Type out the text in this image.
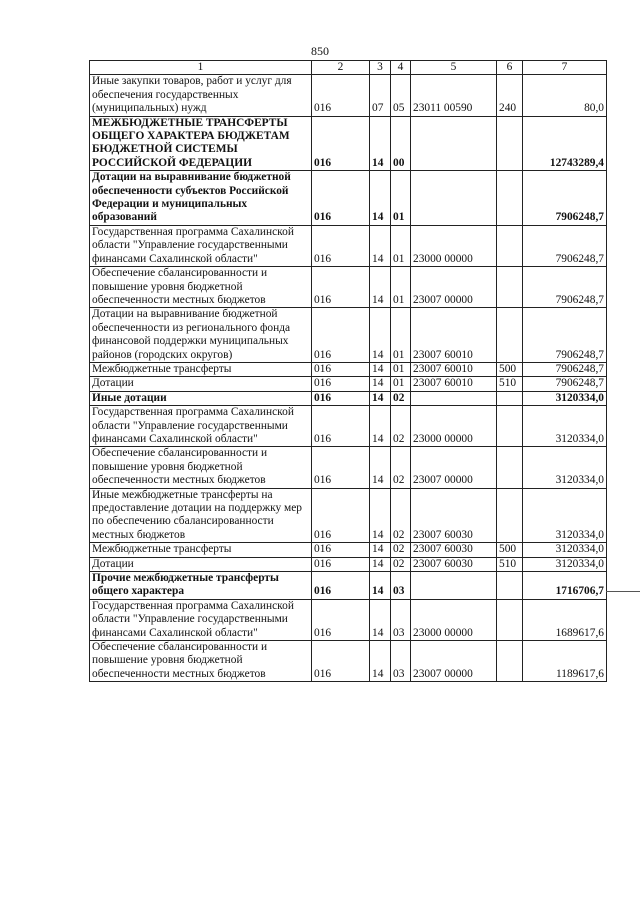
850
1	2	3	4	5	6	7
Иные закупки товаров, работ и услуг для обеспечения государственных (муниципальных) нужд	016	07	05	23011 00590	240	80,0
МЕЖБЮДЖЕТНЫЕ ТРАНСФЕРТЫ ОБЩЕГО ХАРАКТЕРА БЮДЖЕТАМ БЮДЖЕТНОЙ СИСТЕМЫ РОССИЙСКОЙ ФЕДЕРАЦИИ	016	14	00			12743289,4
Дотации на выравнивание бюджетной обеспеченности субъектов Российской Федерации и муниципальных образований	016	14	01			7906248,7
Государственная программа Сахалинской области "Управление государственными финансами Сахалинской области"	016	14	01	23000 00000		7906248,7
Обеспечение сбалансированности и повышение уровня бюджетной обеспеченности местных бюджетов	016	14	01	23007 00000		7906248,7
Дотации на выравнивание бюджетной обеспеченности из регионального фонда финансовой поддержки муниципальных районов (городских округов)	016	14	01	23007 60010		7906248,7
Межбюджетные трансферты	016	14	01	23007 60010	500	7906248,7
Дотации	016	14	01	23007 60010	510	7906248,7
Иные дотации	016	14	02			3120334,0
Государственная программа Сахалинской области "Управление государственными финансами Сахалинской области"	016	14	02	23000 00000		3120334,0
Обеспечение сбалансированности и повышение уровня бюджетной обеспеченности местных бюджетов	016	14	02	23007 00000		3120334,0
Иные межбюджетные трансферты на предоставление дотации на поддержку мер по обеспечению сбалансированности местных бюджетов	016	14	02	23007 60030		3120334,0
Межбюджетные трансферты	016	14	02	23007 60030	500	3120334,0
Дотации	016	14	02	23007 60030	510	3120334,0
Прочие межбюджетные трансферты общего характера	016	14	03			1716706,7
Государственная программа Сахалинской области "Управление государственными финансами Сахалинской области"	016	14	03	23000 00000		1689617,6
Обеспечение сбалансированности и повышение уровня бюджетной обеспеченности местных бюджетов	016	14	03	23007 00000		1189617,6
